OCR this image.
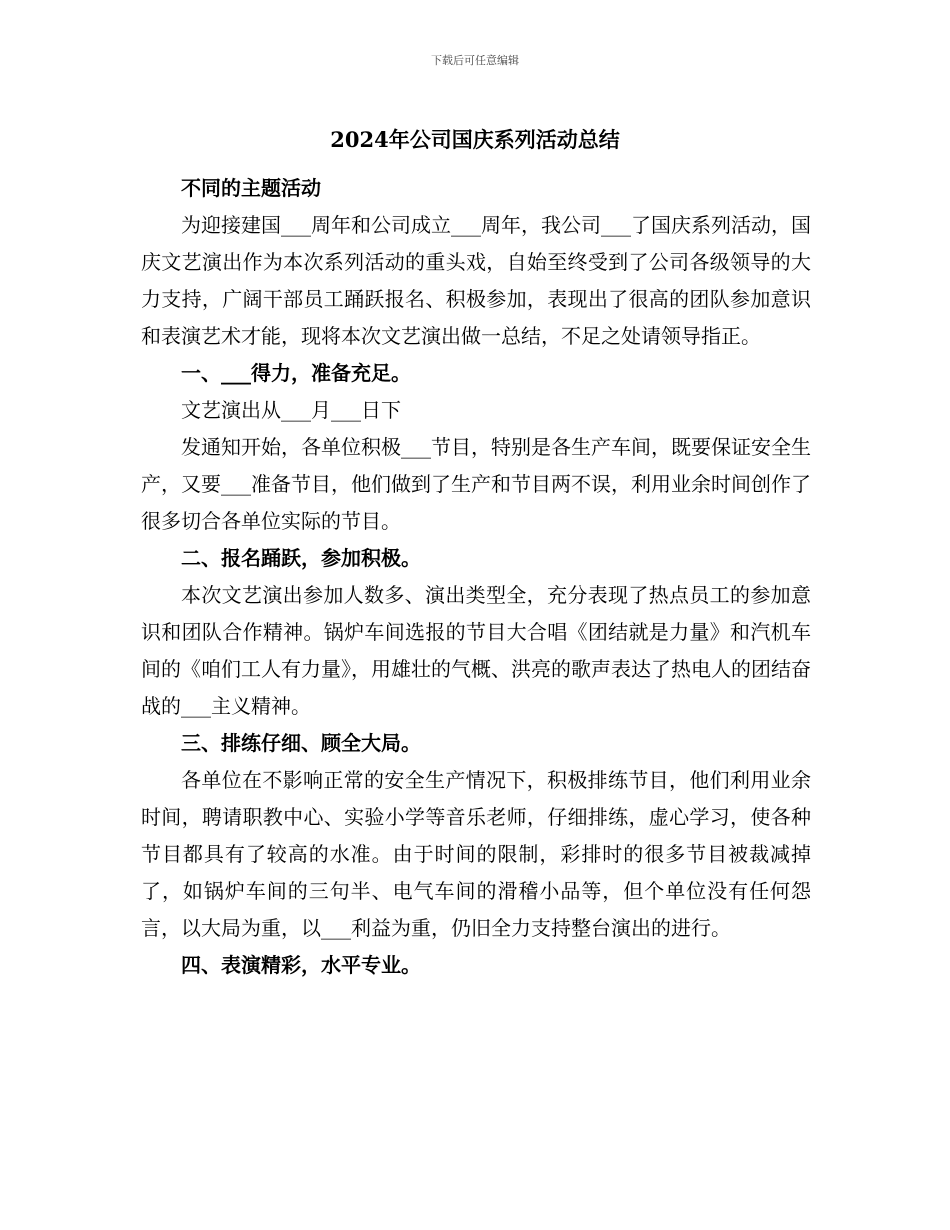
下载后可任意编辑
2024年公司国庆系列活动总结

不同的主题活动

为迎接建国___周年和公司成立___周年，我公司___了国庆系列活动，国庆文艺演出作为本次系列活动的重头戏，自始至终受到了公司各级领导的大力支持，广阔干部员工踊跃报名、积极参加，表现出了很高的团队参加意识和表演艺术才能，现将本次文艺演出做一总结，不足之处请领导指正。

一、___得力，准备充足。

文艺演出从___月___日下

发通知开始，各单位积极___节目，特别是各生产车间，既要保证安全生产，又要___准备节目，他们做到了生产和节目两不误，利用业余时间创作了很多切合各单位实际的节目。

二、报名踊跃，参加积极。

本次文艺演出参加人数多、演出类型全，充分表现了热点员工的参加意识和团队合作精神。锅炉车间选报的节目大合唱《团结就是力量》和汽机车间的《咱们工人有力量》，用雄壮的气概、洪亮的歌声表达了热电人的团结奋战的___主义精神。

三、排练仔细、顾全大局。

各单位在不影响正常的安全生产情况下，积极排练节目，他们利用业余时间，聘请职教中心、实验小学等音乐老师，仔细排练，虚心学习，使各种节目都具有了较高的水准。由于时间的限制，彩排时的很多节目被裁减掉了，如锅炉车间的三句半、电气车间的滑稽小品等，但个单位没有任何怨言，以大局为重，以___利益为重，仍旧全力支持整台演出的进行。

四、表演精彩，水平专业。
